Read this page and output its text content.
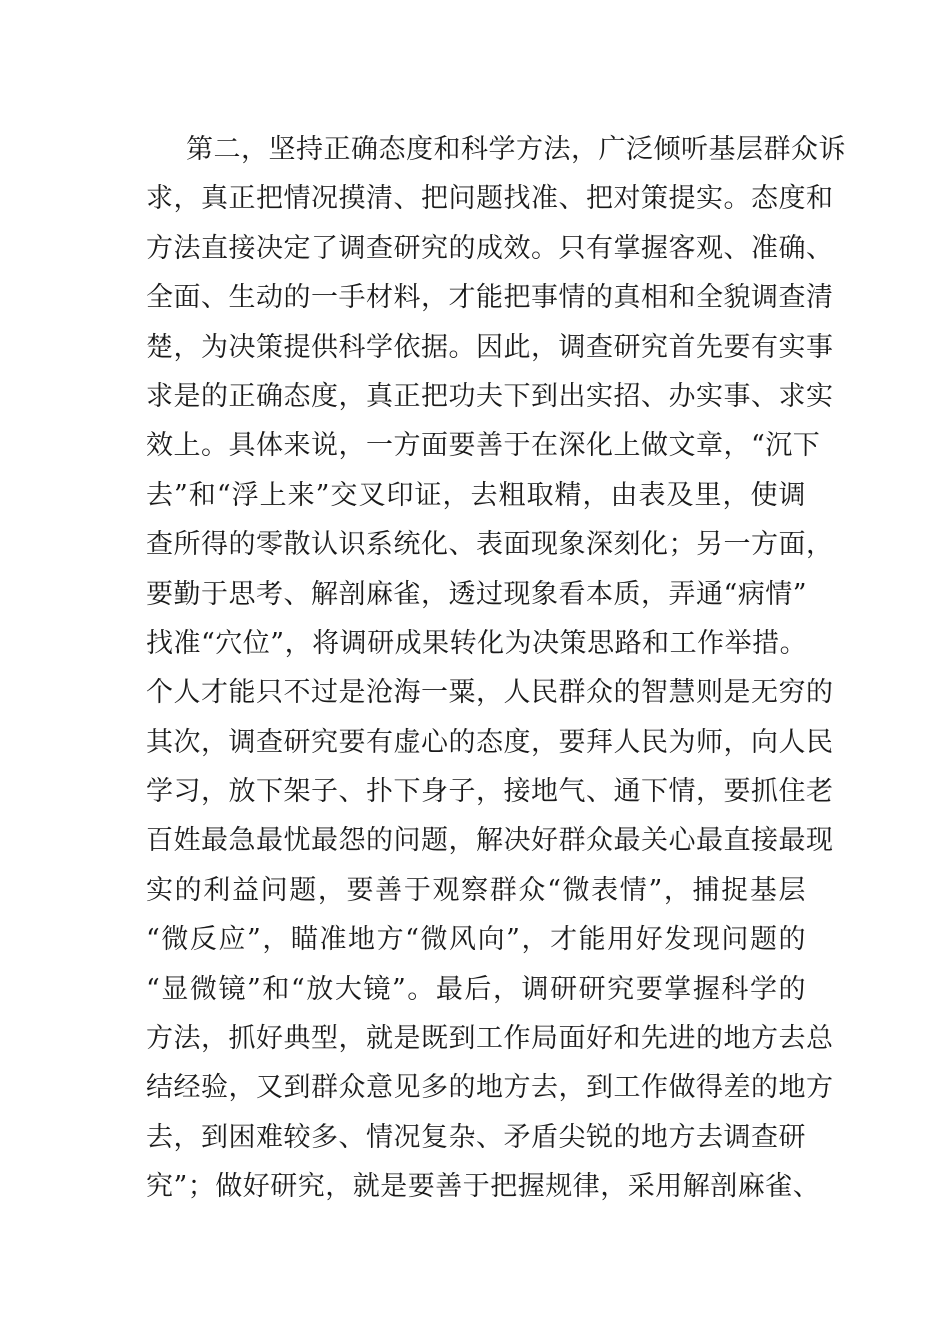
第二，坚持正确态度和科学方法，广泛倾听基层群众诉
求，真正把情况摸清、把问题找准、把对策提实。态度和
方法直接决定了调查研究的成效。只有掌握客观、准确、
全面、生动的一手材料，才能把事情的真相和全貌调查清
楚，为决策提供科学依据。因此，调查研究首先要有实事
求是的正确态度，真正把功夫下到出实招、办实事、求实
效上。具体来说，一方面要善于在深化上做文章，“沉下
去”和“浮上来”交叉印证，去粗取精，由表及里，使调
查所得的零散认识系统化、表面现象深刻化；另一方面，
要勤于思考、解剖麻雀，透过现象看本质，弄通“病情”
找准“穴位”，将调研成果转化为决策思路和工作举措。
个人才能只不过是沧海一粟，人民群众的智慧则是无穷的
其次，调查研究要有虚心的态度，要拜人民为师，向人民
学习，放下架子、扑下身子，接地气、通下情，要抓住老
百姓最急最忧最怨的问题，解决好群众最关心最直接最现
实的利益问题，要善于观察群众“微表情”，捕捉基层
“微反应”，瞄准地方“微风向”，才能用好发现问题的
“显微镜”和“放大镜”。最后，调研研究要掌握科学的
方法，抓好典型，就是既到工作局面好和先进的地方去总
结经验，又到群众意见多的地方去，到工作做得差的地方
去，到困难较多、情况复杂、矛盾尖锐的地方去调查研
究”；做好研究，就是要善于把握规律，采用解剖麻雀、
